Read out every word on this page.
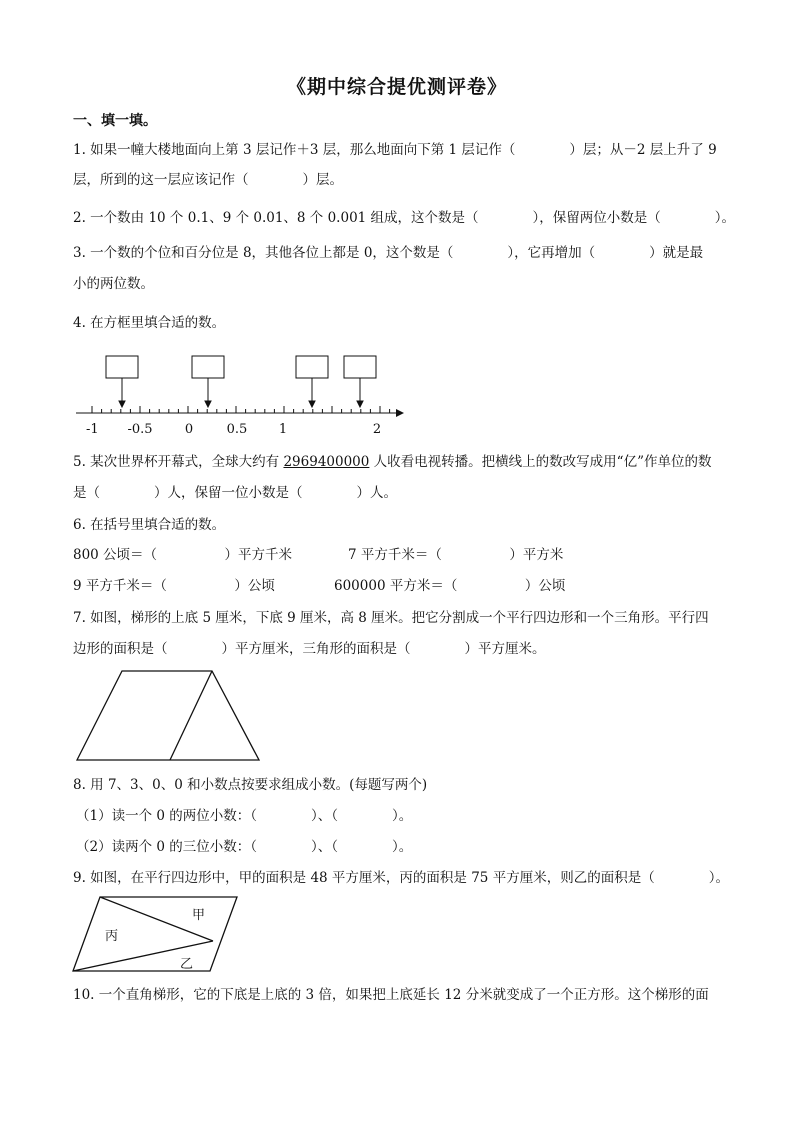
《期中综合提优测评卷》
一、填一填。
1. 如果一幢大楼地面向上第 3 层记作＋3 层，那么地面向下第 1 层记作（　　　　）层；从－2 层上升了 9
层，所到的这一层应该记作（　　　　）层。
2. 一个数由 10 个 0.1、9 个 0.01、8 个 0.001 组成，这个数是（　　　　），保留两位小数是（　　　　）。
3. 一个数的个位和百分位是 8，其他各位上都是 0，这个数是（　　　　），它再增加（　　　　）就是最
小的两位数。
4. 在方框里填合适的数。
-1 -0.5 0	0.5 1	2
5. 某次世界杯开幕式，全球大约有 2969400000 人收看电视转播。把横线上的数改写成用“亿”作单位的数
是（　　　　）人，保留一位小数是（　　　　）人。
6. 在括号里填合适的数。
800 公顷＝（　　　　　）平方千米	7 平方千米＝（　　　　　）平方米
9 平方千米＝（　　　　　）公顷	600000 平方米＝（　　　　　）公顷
7. 如图，梯形的上底 5 厘米，下底 9 厘米，高 8 厘米。把它分割成一个平行四边形和一个三角形。平行四
边形的面积是（　　　　）平方厘米，三角形的面积是（　　　　）平方厘米。
8. 用 7、3、0、0 和小数点按要求组成小数。(每题写两个)
（1）读一个 0 的两位小数：（　　　　）、（　　　　）。
（2）读两个 0 的三位小数：（　　　　）、（　　　　）。
9. 如图，在平行四边形中，甲的面积是 48 平方厘米，丙的面积是 75 平方厘米，则乙的面积是（　　　　）。
甲
丙
乙
10. 一个直角梯形，它的下底是上底的 3 倍，如果把上底延长 12 分米就变成了一个正方形。这个梯形的面
